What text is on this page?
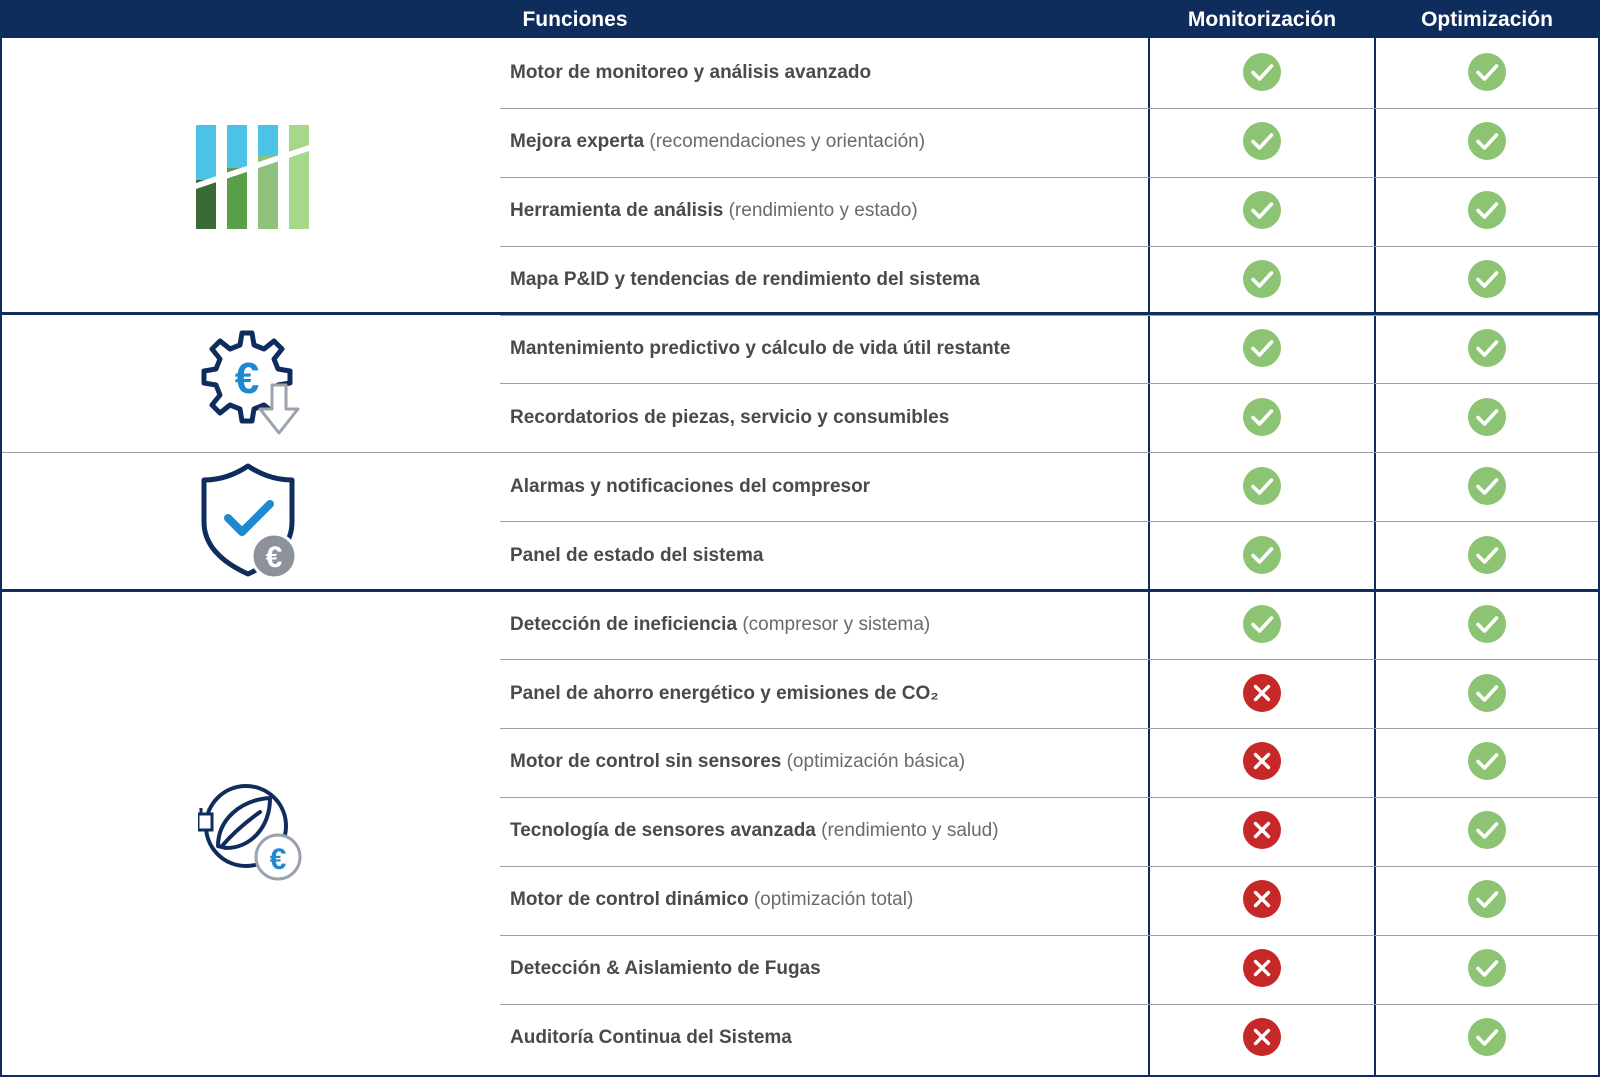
Funciones	Monitorización	Optimización
Motor de monitoreo y análisis avanzado
Mejora experta (recomendaciones y orientación)
Herramienta de análisis (rendimiento y estado)
Mapa P&ID y tendencias de rendimiento del sistema
Mantenimiento predictivo y cálculo de vida útil restante
Recordatorios de piezas, servicio y consumibles
Alarmas y notificaciones del compresor
Panel de estado del sistema
Detección de ineficiencia (compresor y sistema)
Panel de ahorro energético y emisiones de CO₂
Motor de control sin sensores (optimización básica)
Tecnología de sensores avanzada (rendimiento y salud)
Motor de control dinámico (optimización total)
Detección & Aislamiento de Fugas
Auditoría Continua del Sistema
€
€
€
